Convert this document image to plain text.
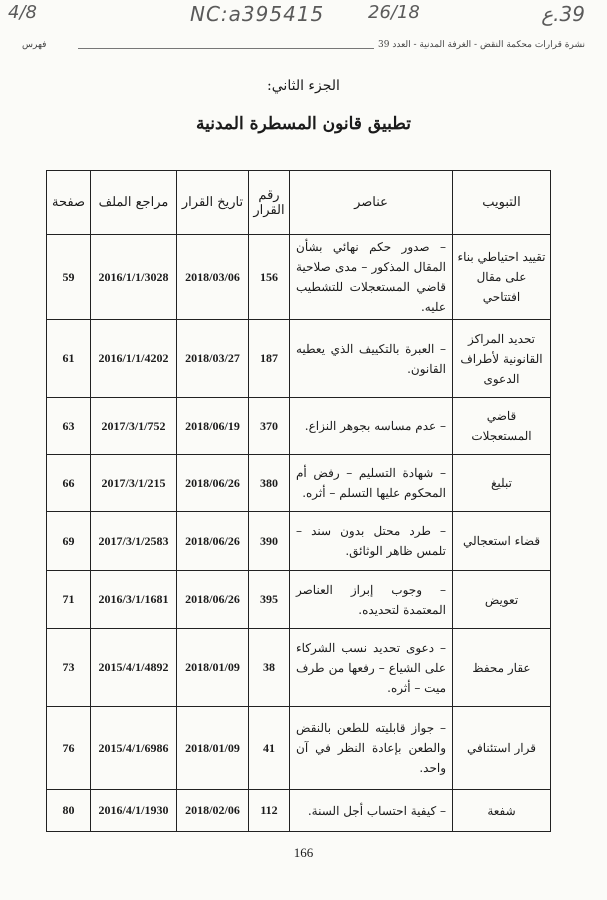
4/8	NC:a395415 26/18	39.ع
فهرس	نشرة قرارات محكمة النقض - الغرفة المدنية - العدد 39
الجزء الثاني:
تطبيق قانون المسطرة المدنية
التبويب	عناصر	رقم القرار	تاريخ القرار	مراجع الملف	صفحة
تقييد احتياطي بناء على مقال افتتاحي	– صدور حكم نهائي بشأن المقال المذكور – مدى صلاحية قاضي المستعجلات للتشطيب عليه.	156	2018/03/06	2016/1/1/3028	59
تحديد المراكز القانونية لأطراف الدعوى	– العبرة بالتكييف الذي يعطيه القانون.	187	2018/03/27	2016/1/1/4202	61
قاضي المستعجلات	– عدم مساسه بجوهر النزاع.	370	2018/06/19	2017/3/1/752	63
تبليغ	– شهادة التسليم – رفض أم المحكوم عليها التسلم – أثره.	380	2018/06/26	2017/3/1/215	66
قضاء استعجالي	– طرد محتل بدون سند – تلمس ظاهر الوثائق.	390	2018/06/26	2017/3/1/2583	69
تعويض	– وجوب إبراز العناصر المعتمدة لتحديده.	395	2018/06/26	2016/3/1/1681	71
عقار محفظ	– دعوى تحديد نسب الشركاء على الشياع – رفعها من طرف ميت – أثره.	38	2018/01/09	2015/4/1/4892	73
قرار استئنافي	– جواز قابليته للطعن بالنقض والطعن بإعادة النظر في آن واحد.	41	2018/01/09	2015/4/1/6986	76
شفعة	– كيفية احتساب أجل السنة.	112	2018/02/06	2016/4/1/1930	80
166
